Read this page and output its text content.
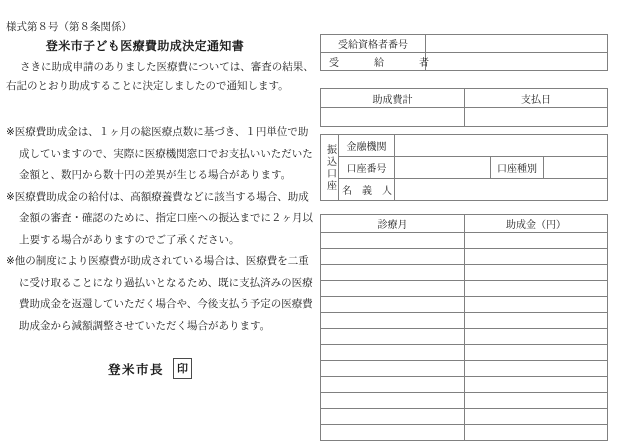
様式第８号（第８条関係）
登米市子ども医療費助成決定通知書
さきに助成申請のありました医療費については、審査の結果、
右記のとおり助成することに決定しましたので通知します。
※医療費助成金は、１ヶ月の総医療点数に基づき、１円単位で助
成していますので、実際に医療機関窓口でお支払いいただいた
金額と、数円から数十円の差異が生じる場合があります。
※医療費助成金の給付は、高額療養費などに該当する場合、助成
金額の審査・確認のために、指定口座への振込までに２ヶ月以
上要する場合がありますのでご了承ください。
※他の制度により医療費が助成されている場合は、医療費を二重
に受け取ることになり過払いとなるため、既に支払済みの医療
費助成金を返還していただく場合や、今後支払う予定の医療費
助成金から減額調整させていただく場合があります。
登米市長	印
受給資格者番号	
受　　給　　者	
助成費計	支払日

振込口座	金融機関			
	口座番号		口座種別	
	名　義　人			
診療月	助成金（円）
